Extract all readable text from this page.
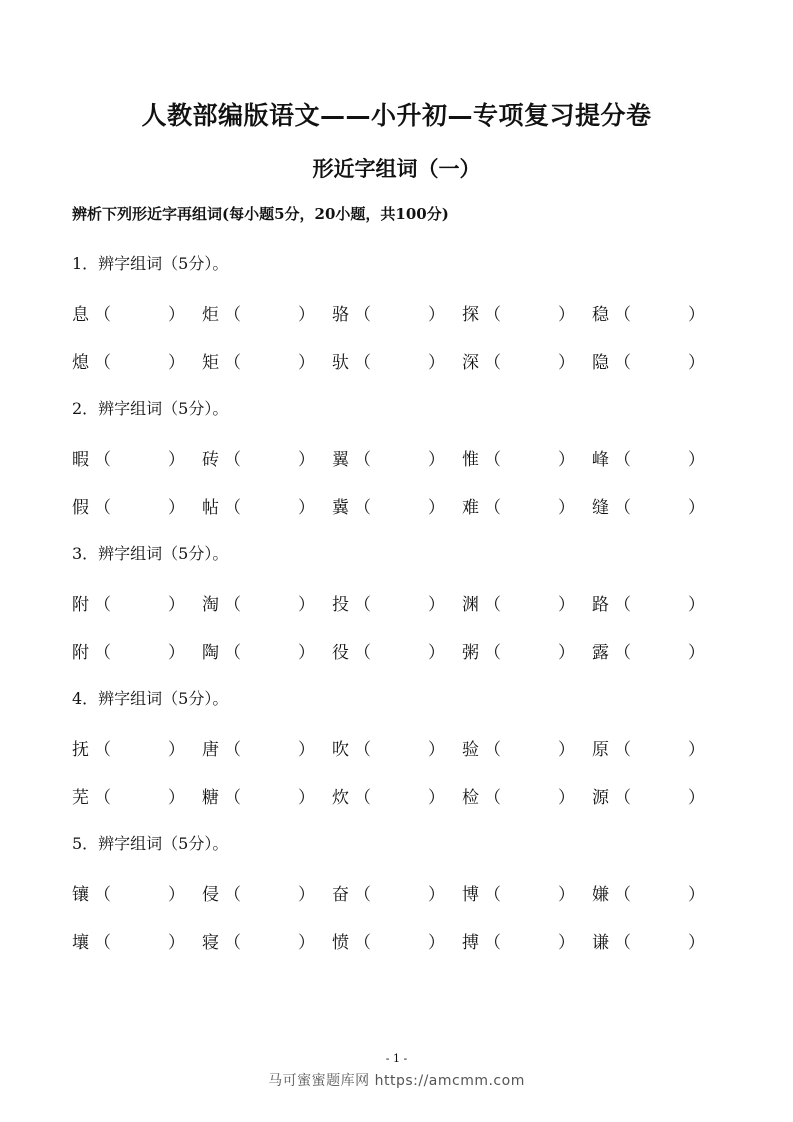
人教部编版语文——小升初—专项复习提分卷
形近字组词（一）
辨析下列形近字再组词(每小题5分，20小题，共100分)
1．辨字组词（5分）。
息 （	） 炬 （	） 骆 （	） 探 （	） 稳 （	）
熄 （	） 矩 （	） 驮 （	） 深 （	） 隐 （	）
2．辨字组词（5分）。
暇 （	） 砖 （	） 翼 （	） 惟 （	） 峰 （	）
假 （	） 帖 （	） 冀 （	） 难 （	） 缝 （	）
3．辨字组词（5分）。
附 （	） 淘 （	） 投 （	） 渊 （	） 路 （	）
附 （	） 陶 （	） 役 （	） 粥 （	） 露 （	）
4．辨字组词（5分）。
抚 （	） 唐 （	） 吹 （	） 验 （	） 原 （	）
芜 （	） 糖 （	） 炊 （	） 检 （	） 源 （	）
5．辨字组词（5分）。
镶 （	） 侵 （	） 奋 （	） 博 （	） 嫌 （	）
壤 （	） 寝 （	） 愤 （	） 搏 （	） 谦 （	）
- 1 -
马可蜜蜜题库网 https://amcmm.com
